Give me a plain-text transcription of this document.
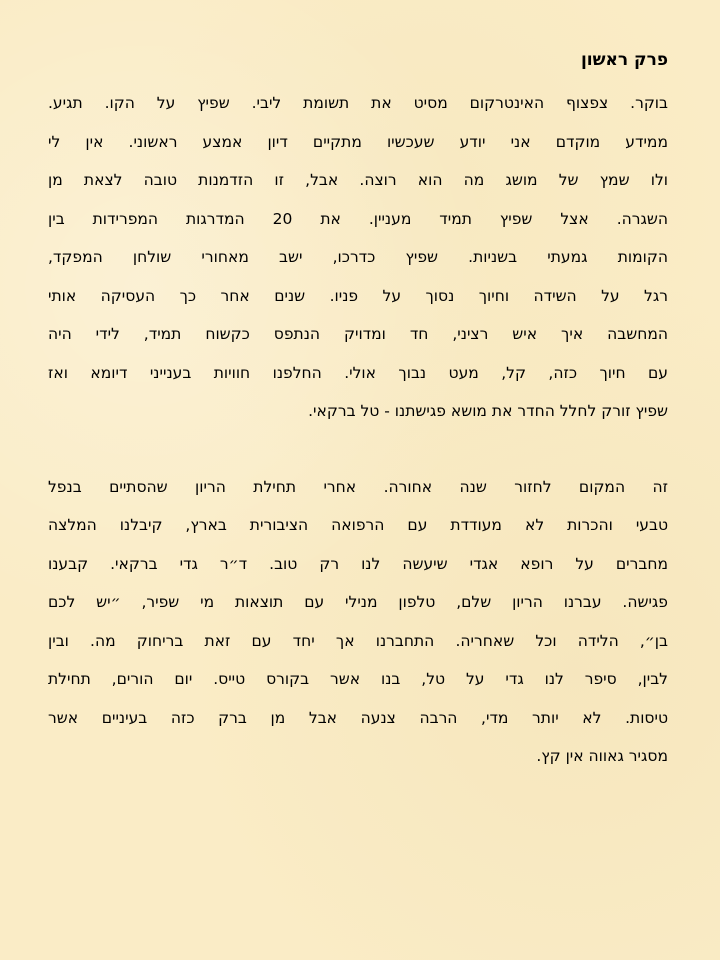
פרק ראשון
בוקר. צפצוף האינטרקום מסיט את תשומת ליבי. שפיץ על הקו. תגיע.
ממידע מוקדם אני יודע שעכשיו מתקיים דיון אמצע ראשוני. אין לי
ולו שמץ של מושג מה הוא רוצה. אבל, זו הזדמנות טובה לצאת מן
השגרה. אצל שפיץ תמיד מעניין. את 20 המדרגות המפרידות בין
הקומות גמעתי בשניות. שפיץ כדרכו, ישב מאחורי שולחן המפקד,
רגל על השידה וחיוך נסוך על פניו. שנים אחר כך העסיקה אותי
המחשבה איך איש רציני, חד ומדויק הנתפס כקשוח תמיד, לידי היה
עם חיוך כזה, קל, מעט נבוך אולי. החלפנו חוויות בענייני דיומא ואז
שפיץ זורק לחלל החדר את מושא פגישתנו - טל ברקאי.
זה המקום לחזור שנה אחורה. אחרי תחילת הריון שהסתיים בנפל
טבעי והכרות לא מעודדת עם הרפואה הציבורית בארץ, קיבלנו המלצה
מחברים על רופא אגדי שיעשה לנו רק טוב. ד״ר גדי ברקאי. קבענו
פגישה. עברנו הריון שלם, טלפון מנילי עם תוצאות מי שפיר, ״יש לכם
בן״, הלידה וכל שאחריה. התחברנו אך יחד עם זאת בריחוק מה. ובין
לבין, סיפר לנו גדי על טל, בנו אשר בקורס טייס. יום הורים, תחילת
טיסות. לא יותר מדי, הרבה צנעה אבל מן ברק כזה בעיניים אשר
מסגיר גאווה אין קץ.
